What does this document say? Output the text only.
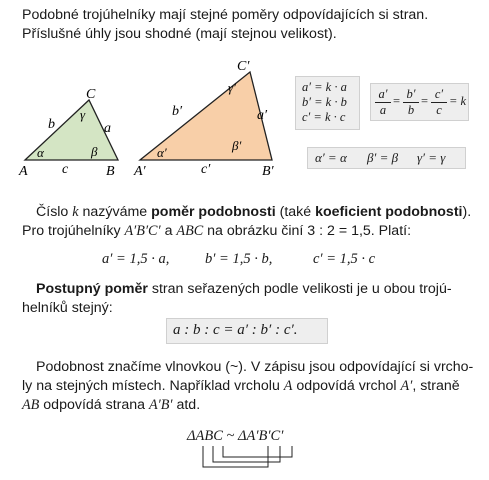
Podobné trojúhelníky mají stejné poměry odpovídajících si stran.
Příslušné úhly jsou shodné (mají stejnou velikost).
A	B
C
a
b
c
α	β
γ
A′	B′
C′
a′
b′
c′
α′	β′
γ′	a′ = k · a
b′ = k · b
c′ = k · c
a′
a
= b′
b
= c′
c
= k
α′ = α β′ = β γ′ = γ
Číslo k nazýváme poměr podobnosti (také koeficient podobnosti).
Pro trojúhelníky A′B′C′ a ABC na obrázku činí 3 : 2 = 1,5. Platí:
a′ = 1,5 · a, b′ = 1,5 · b,	c′ = 1,5 · c
Postupný poměr stran seřazených podle velikosti je u obou trojú-
helníků stejný:
a : b : c = a′ : b′ : c′.
Podobnost značíme vlnovkou (~). V zápisu jsou odpovídající si vrcho-
ly na stejných místech. Například vrcholu A odpovídá vrchol A′, straně
AB odpovídá strana A′B′ atd.
ΔABC ~ ΔA′B′C′
